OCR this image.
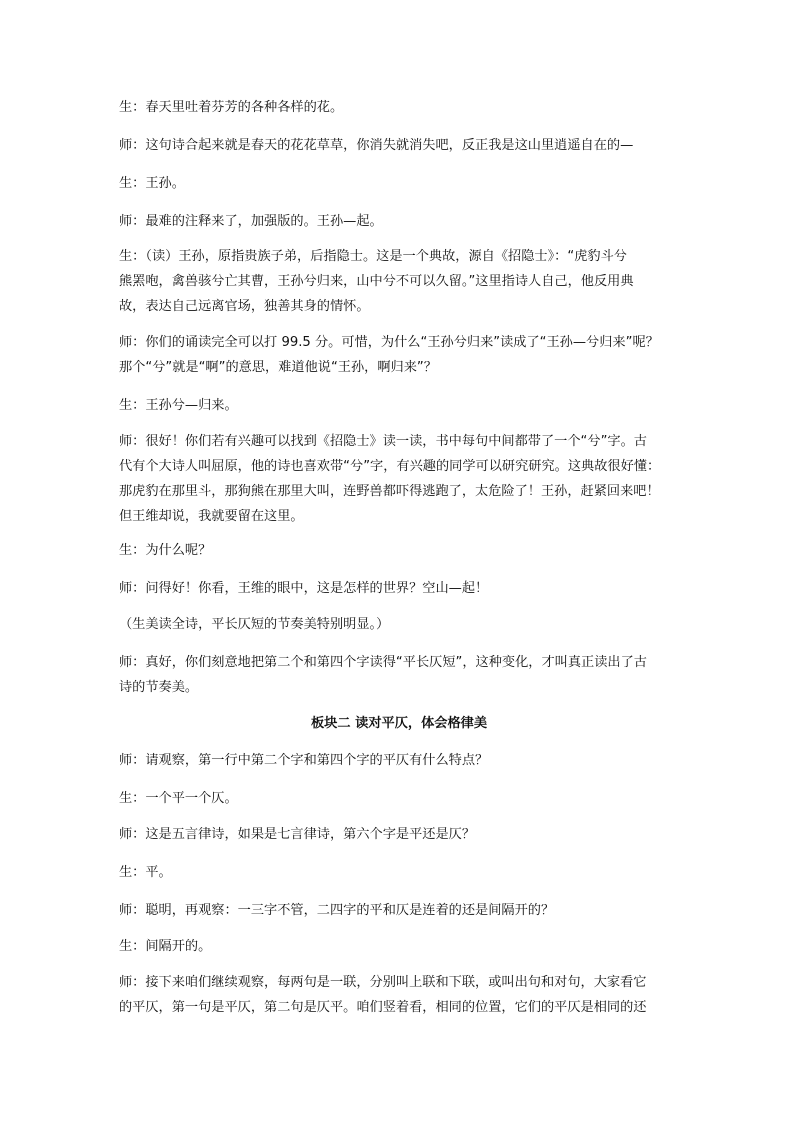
生：春天里吐着芬芳的各种各样的花。
师：这句诗合起来就是春天的花花草草，你消失就消失吧，反正我是这山里逍遥自在的—
生：王孙。
师：最难的注释来了，加强版的。王孙—起。
生：（读）王孙，原指贵族子弟，后指隐士。这是一个典故，源自《招隐士》：“虎豹斗兮
熊罴咆，禽兽骇兮亡其曹，王孙兮归来，山中兮不可以久留。”这里指诗人自己，他反用典
故，表达自己远离官场，独善其身的情怀。
师：你们的诵读完全可以打 99.5 分。可惜，为什么“王孙兮归来”读成了“王孙—兮归来”呢？
那个“兮”就是“啊”的意思，难道他说“王孙，啊归来”？
生：王孙兮—归来。
师：很好！你们若有兴趣可以找到《招隐士》读一读，书中每句中间都带了一个“兮”字。古
代有个大诗人叫屈原，他的诗也喜欢带“兮”字，有兴趣的同学可以研究研究。这典故很好懂：
那虎豹在那里斗，那狗熊在那里大叫，连野兽都吓得逃跑了，太危险了！王孙，赶紧回来吧！
但王维却说，我就要留在这里。
生：为什么呢？
师：问得好！你看，王维的眼中，这是怎样的世界？空山—起！
（生美读全诗，平长仄短的节奏美特别明显。）
师：真好，你们刻意地把第二个和第四个字读得“平长仄短”，这种变化，才叫真正读出了古
诗的节奏美。
板块二 读对平仄，体会格律美
师：请观察，第一行中第二个字和第四个字的平仄有什么特点？
生：一个平一个仄。
师：这是五言律诗，如果是七言律诗，第六个字是平还是仄？
生：平。
师：聪明，再观察：一三字不管，二四字的平和仄是连着的还是间隔开的？
生：间隔开的。
师：接下来咱们继续观察，每两句是一联，分别叫上联和下联，或叫出句和对句，大家看它
的平仄，第一句是平仄，第二句是仄平。咱们竖着看，相同的位置，它们的平仄是相同的还
